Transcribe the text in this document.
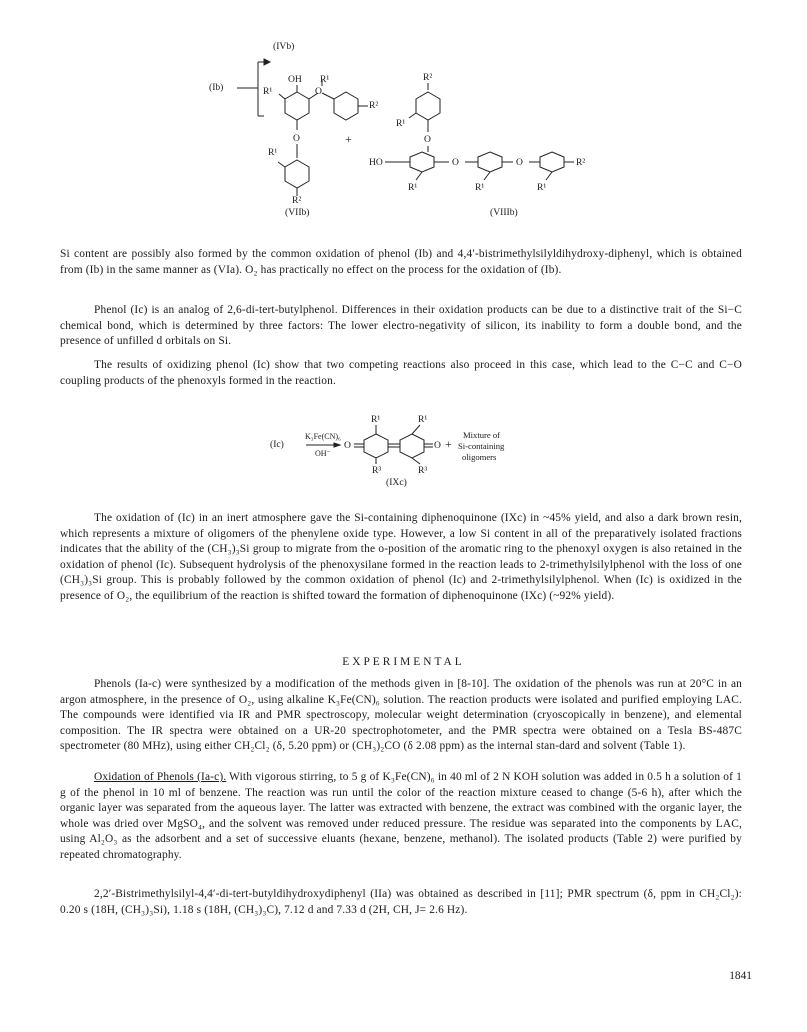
(IVb)
(Ib)
OH R¹
R¹	O
R²
O
R¹
R²
(VIIb)
+
R²
R¹
O
HO	O	O	R²
R¹	R¹	R¹
(VIIIb)

Si content are possibly also formed by the common oxidation of phenol (Ib) and 4,4′-bistrimethylsilyldihydroxy-diphenyl, which is obtained from (Ib) in the same manner as (VIa). O₂ has practically no effect on the process for the oxidation of (Ib).

Phenol (Ic) is an analog of 2,6-di-tert-butylphenol. Differences in their oxidation products can be due to a distinctive trait of the Si−C chemical bond, which is determined by three factors: The lower electro-negativity of silicon, its inability to form a double bond, and the presence of unfilled d orbitals on Si.

The results of oxidizing phenol (Ic) show that two competing reactions also proceed in this case, which lead to the C−C and C−O coupling products of the phenoxyls formed in the reaction.

(Ic)
K₃Fe(CN)₆
OH⁻
O
R¹
R³
R¹
R³
O +
Mixture of
Si-containing
oligomers
(IXc)

The oxidation of (Ic) in an inert atmosphere gave the Si-containing diphenoquinone (IXc) in ~45% yield, and also a dark brown resin, which represents a mixture of oligomers of the phenylene oxide type. However, a low Si content in all of the preparatively isolated fractions indicates that the ability of the (CH₃)₃Si group to migrate from the o-position of the aromatic ring to the phenoxyl oxygen is also retained in the oxidation of phenol (Ic). Subsequent hydrolysis of the phenoxysilane formed in the reaction leads to 2-trimethylsilylphenol with the loss of one (CH₃)₃Si group. This is probably followed by the common oxidation of phenol (Ic) and 2-trimethylsilylphenol. When (Ic) is oxidized in the presence of O₂, the equilibrium of the reaction is shifted toward the formation of diphenoquinone (IXc) (~92% yield).

EXPERIMENTAL

Phenols (Ia-c) were synthesized by a modification of the methods given in [8-10]. The oxidation of the phenols was run at 20°C in an argon atmosphere, in the presence of O₂, using alkaline K₃Fe(CN)₆ solution. The reaction products were isolated and purified employing LAC. The compounds were identified via IR and PMR spectroscopy, molecular weight determination (cryoscopically in benzene), and elemental composition. The IR spectra were obtained on a UR-20 spectrophotometer, and the PMR spectra were obtained on a Tesla BS-487C spectrometer (80 MHz), using either CH₂Cl₂ (δ, 5.20 ppm) or (CH₃)₂CO (δ 2.08 ppm) as the internal stan-dard and solvent (Table 1).

Oxidation of Phenols (Ia-c). With vigorous stirring, to 5 g of K₃Fe(CN)₆ in 40 ml of 2 N KOH solution was added in 0.5 h a solution of 1 g of the phenol in 10 ml of benzene. The reaction was run until the color of the reaction mixture ceased to change (5-6 h), after which the organic layer was separated from the aqueous layer. The latter was extracted with benzene, the extract was combined with the organic layer, the whole was dried over MgSO₄, and the solvent was removed under reduced pressure. The residue was separated into the components by LAC, using Al₂O₃ as the adsorbent and a set of successive eluants (hexane, benzene, methanol). The isolated products (Table 2) were purified by repeated chromatography.

2,2′-Bistrimethylsilyl-4,4′-di-tert-butyldihydroxydiphenyl (IIa) was obtained as described in [11]; PMR spectrum (δ, ppm in CH₂Cl₂): 0.20 s (18H, (CH₃)₃Si), 1.18 s (18H, (CH₃)₃C), 7.12 d and 7.33 d (2H, CH, J= 2.6 Hz).

1841
